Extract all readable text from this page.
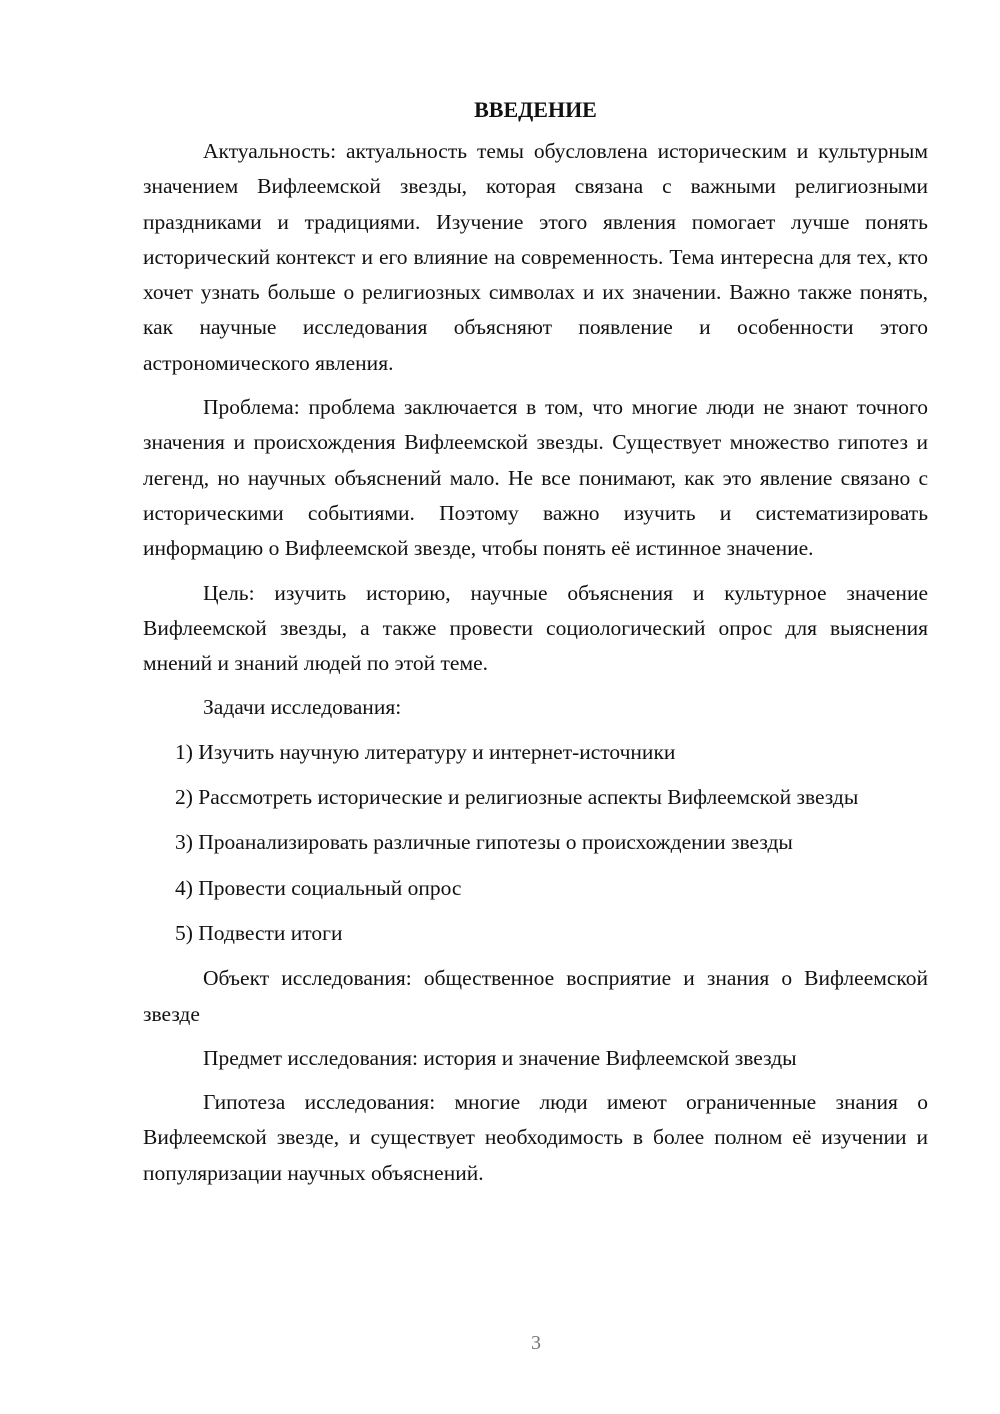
ВВЕДЕНИЕ

Актуальность: актуальность темы обусловлена историческим и культурным значением Вифлеемской звезды, которая связана с важными религиозными праздниками и традициями. Изучение этого явления помогает лучше понять исторический контекст и его влияние на современность. Тема интересна для тех, кто хочет узнать больше о религиозных символах и их значении. Важно также понять, как научные исследования объясняют появление и особенности этого астрономического явления.

Проблема: проблема заключается в том, что многие люди не знают точного значения и происхождения Вифлеемской звезды. Существует множество гипотез и легенд, но научных объяснений мало. Не все понимают, как это явление связано с историческими событиями. Поэтому важно изучить и систематизировать информацию о Вифлеемской звезде, чтобы понять её истинное значение.

Цель: изучить историю, научные объяснения и культурное значение Вифлеемской звезды, а также провести социологический опрос для выяснения мнений и знаний людей по этой теме.

Задачи исследования:

1) Изучить научную литературу и интернет-источники

2) Рассмотреть исторические и религиозные аспекты Вифлеемской звезды

3) Проанализировать различные гипотезы о происхождении звезды

4) Провести социальный опрос

5) Подвести итоги

Объект исследования: общественное восприятие и знания о Вифлеемской звезде

Предмет исследования: история и значение Вифлеемской звезды

Гипотеза исследования: многие люди имеют ограниченные знания о Вифлеемской звезде, и существует необходимость в более полном её изучении и популяризации научных объяснений.

3
